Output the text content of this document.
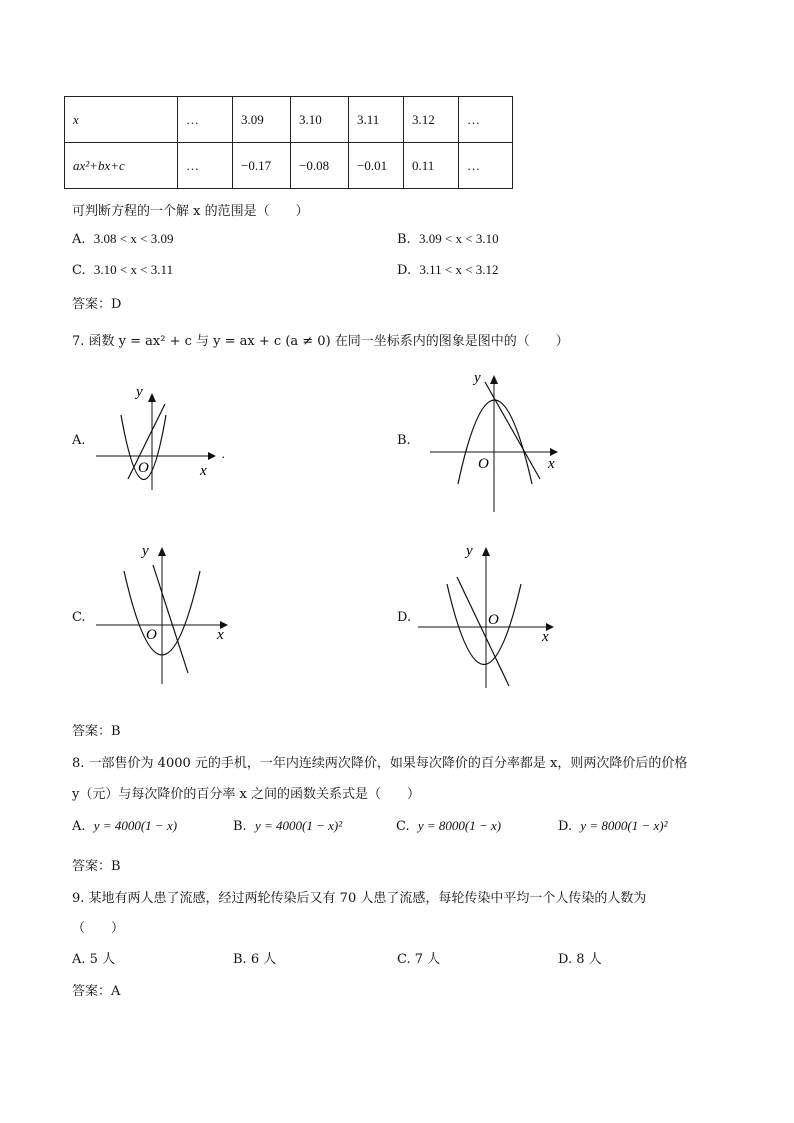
x	…	3.09	3.10	3.11	3.12	…
ax²+bx+c	…	−0.17	−0.08	−0.01	0.11	…
可判断方程的一个解 x 的范围是（　　）
A. 3.08 < x < 3.09	B. 3.09 < x < 3.10
C. 3.10 < x < 3.11	D. 3.11 < x < 3.12
答案：D
7. 函数 y = ax² + c 与 y = ax + c (a ≠ 0) 在同一坐标系内的图象是图中的（　　）
A.	B.
C.	D.
y
x
O
.
y
x
O
y
x
O
y
x
O
答案：B
8. 一部售价为 4000 元的手机，一年内连续两次降价，如果每次降价的百分率都是 x，则两次降价后的价格
y（元）与每次降价的百分率 x 之间的函数关系式是（　　）
A. y = 4000(1 − x)	B. y = 4000(1 − x)²	C. y = 8000(1 − x)	D. y = 8000(1 − x)²
答案：B
9. 某地有两人患了流感，经过两轮传染后又有 70 人患了流感，每轮传染中平均一个人传染的人数为
（　　）
A. 5 人	B. 6 人	C. 7 人	D. 8 人
答案：A
